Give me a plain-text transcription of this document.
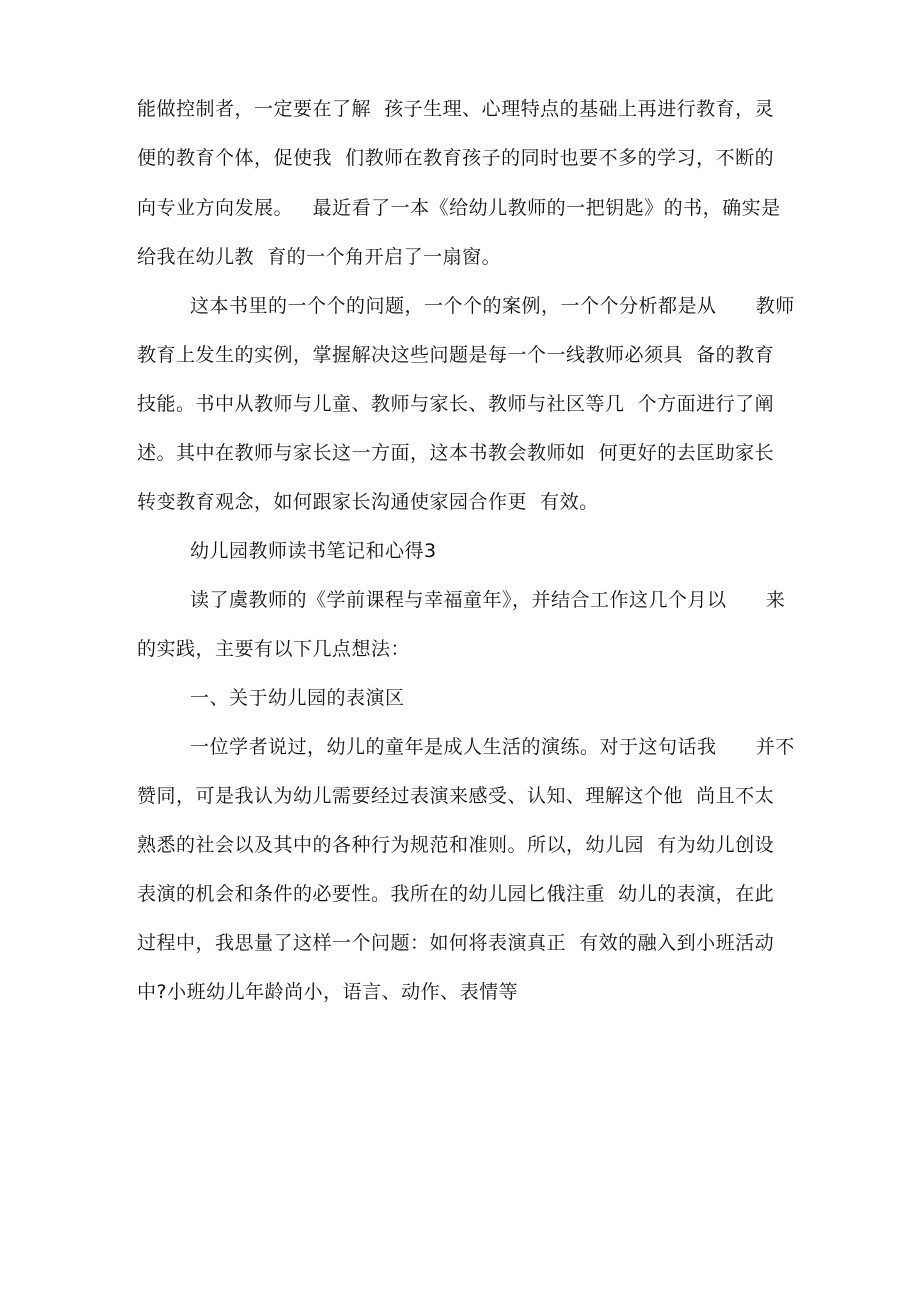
能做控制者，一定要在了解  孩子生理、心理特点的基础上再进行教育，灵
便的教育个体，促使我  们教师在教育孩子的同时也要不多的学习，不断的
向专业方向发展。   最近看了一本《给幼儿教师的一把钥匙》的书，确实是
给我在幼儿教  育的一个角开启了一扇窗。
这本书里的一个个的问题，一个个的案例，一个个分析都是从      教师
教育上发生的实例，掌握解决这些问题是每一个一线教师必须具  备的教育
技能。书中从教师与儿童、教师与家长、教师与社区等几  个方面进行了阐
述。其中在教师与家长这一方面，这本书教会教师如  何更好的去匡助家长
转变教育观念，如何跟家长沟通使家园合作更  有效。
幼儿园教师读书笔记和心得3
读了虞教师的《学前课程与幸福童年》，并结合工作这几个月以      来
的实践，主要有以下几点想法：
一、关于幼儿园的表演区
一位学者说过，幼儿的童年是成人生活的演练。对于这句话我      并不
赞同，可是我认为幼儿需要经过表演来感受、认知、理解这个他  尚且不太
熟悉的社会以及其中的各种行为规范和准则。所以，幼儿园  有为幼儿创设
表演的机会和条件的必要性。我所在的幼儿园匕俄注重  幼儿的表演，在此
过程中，我思量了这样一个问题：如何将表演真正  有效的融入到小班活动
中?小班幼儿年龄尚小，语言、动作、表情等
